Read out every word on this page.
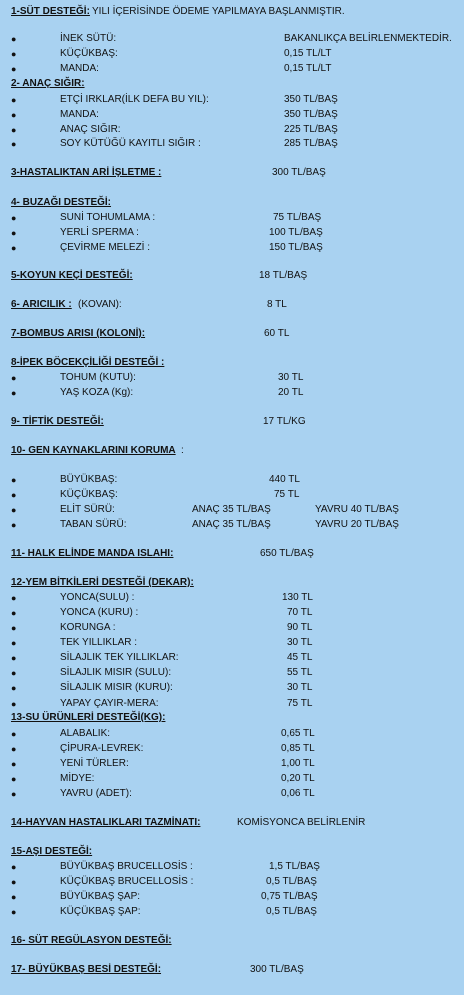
1-SÜT DESTEĞİ: YILI İÇERİSİNDE ÖDEME YAPILMAYA BAŞLANMIŞTIR.
●	İNEK SÜTÜ:	BAKANLIKÇA BELİRLENMEKTEDİR.
●	KÜÇÜKBAŞ:	0,15 TL/LT
●	MANDA:	0,15 TL/LT
2- ANAÇ SIĞIR:
●	ETÇİ IRKLAR(İLK DEFA BU YIL):	350 TL/BAŞ
●	MANDA:	350 TL/BAŞ
●	ANAÇ SIĞIR:	225 TL/BAŞ
●	SOY KÜTÜĞÜ KAYITLI SIĞIR :	285 TL/BAŞ
3-HASTALIKTAN ARİ İŞLETME :	300 TL/BAŞ
4- BUZAĞI DESTEĞİ:
●	SUNİ TOHUMLAMA :	75 TL/BAŞ
●	YERLİ SPERMA :	100 TL/BAŞ
●	ÇEVİRME MELEZİ :	150 TL/BAŞ
5-KOYUN KEÇİ DESTEĞİ:	18 TL/BAŞ
6- ARICILIK : (KOVAN):	8 TL
7-BOMBUS ARISI (KOLONİ):	60 TL
8-İPEK BÖCEKÇİLİĞİ DESTEĞİ :
●	TOHUM (KUTU):	30 TL
●	YAŞ KOZA (Kg):	20 TL
9- TİFTİK DESTEĞİ:	17 TL/KG
10- GEN KAYNAKLARINI KORUMA :
●	BÜYÜKBAŞ:	440 TL
●	KÜÇÜKBAŞ:	75 TL
●	ELİT SÜRÜ:	ANAÇ 35 TL/BAŞ	YAVRU 40 TL/BAŞ
●	TABAN SÜRÜ:	ANAÇ 35 TL/BAŞ	YAVRU 20 TL/BAŞ
11- HALK ELİNDE MANDA ISLAHI:	650 TL/BAŞ
12-YEM BİTKİLERİ DESTEĞİ (DEKAR):
●	YONCA(SULU) :	130 TL
●	YONCA (KURU) :	70 TL
●	KORUNGA :	90 TL
●	TEK YILLIKLAR :	30 TL
●	SİLAJLIK TEK YILLIKLAR:	45 TL
●	SİLAJLIK MISIR (SULU):	55 TL
●	SİLAJLIK MISIR (KURU):	30 TL
●	YAPAY ÇAYIR-MERA:	75 TL
13-SU ÜRÜNLERİ DESTEĞİ(KG):
●	ALABALIK:	0,65 TL
●	ÇİPURA-LEVREK:	0,85 TL
●	YENİ TÜRLER:	1,00 TL
●	MİDYE:	0,20 TL
●	YAVRU (ADET):	0,06 TL
14-HAYVAN HASTALIKLARI TAZMİNATI:	KOMİSYONCA BELİRLENİR
15-AŞI DESTEĞİ:
●	BÜYÜKBAŞ BRUCELLOSİS :	1,5 TL/BAŞ
●	KÜÇÜKBAŞ BRUCELLOSİS :	0,5 TL/BAŞ
●	BÜYÜKBAŞ ŞAP:	0,75 TL/BAŞ
●	KÜÇÜKBAŞ ŞAP:	0,5 TL/BAŞ
16- SÜT REGÜLASYON DESTEĞİ:
17- BÜYÜKBAŞ BESİ DESTEĞİ:	300 TL/BAŞ
